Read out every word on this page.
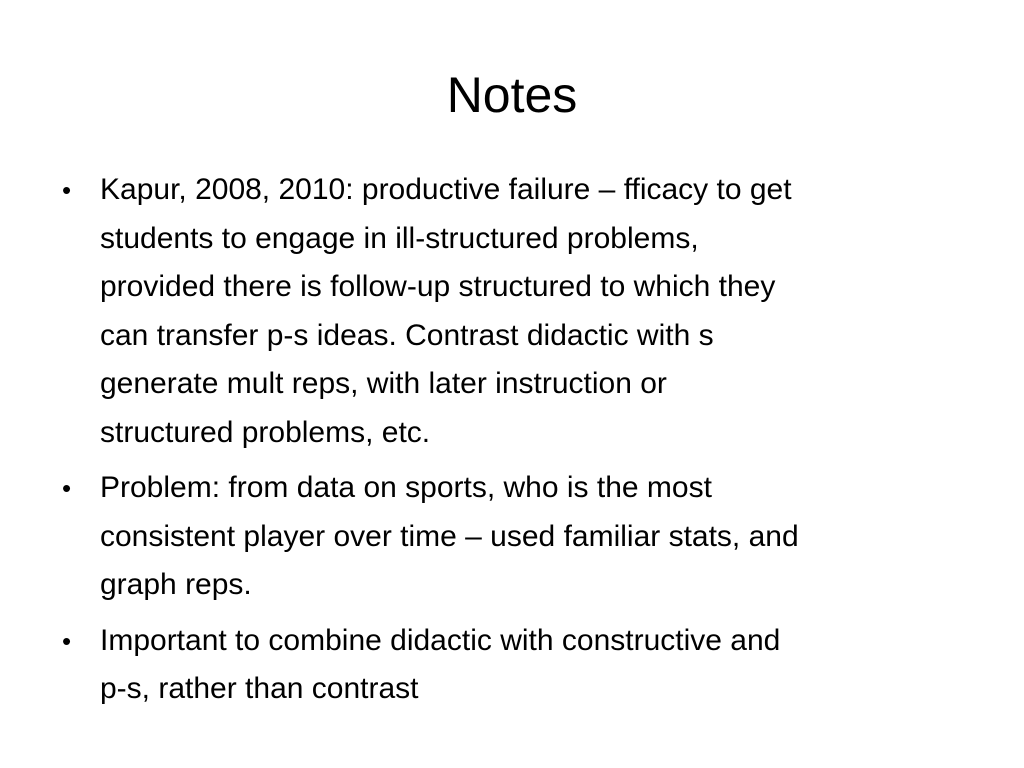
Notes
• Kapur, 2008, 2010: productive failure – fficacy to get
students to engage in ill-structured problems,
provided there is follow-up structured to which they
can transfer p-s ideas. Contrast didactic with s
generate mult reps, with later instruction or
structured problems, etc.
• Problem: from data on sports, who is the most
consistent player over time – used familiar stats, and
graph reps.
• Important to combine didactic with constructive and
p-s, rather than contrast
